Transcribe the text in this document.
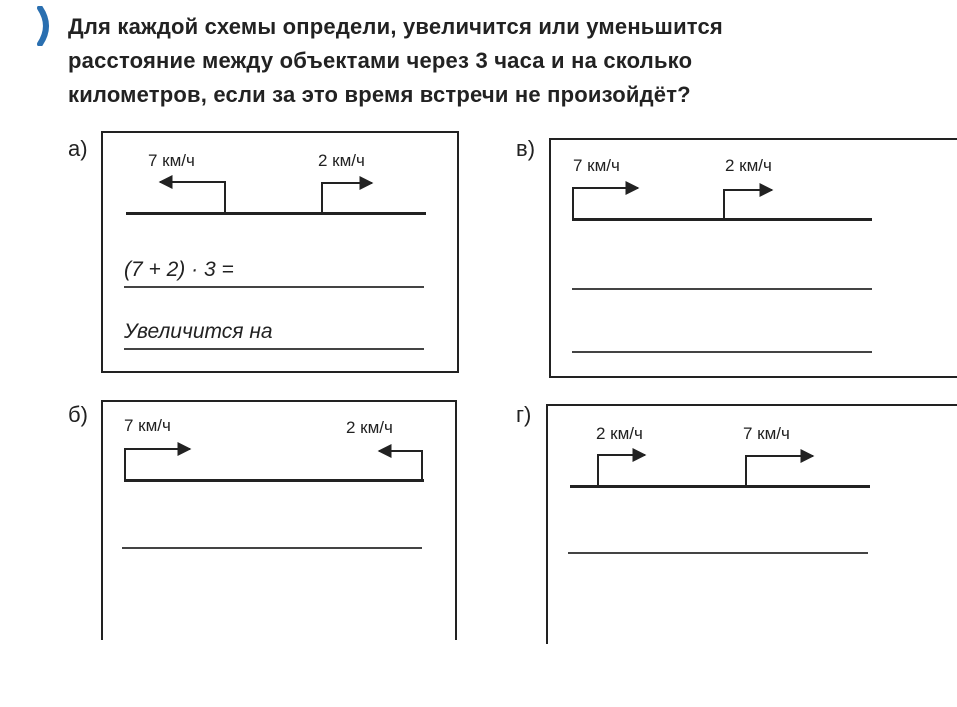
Для каждой схемы определи, увеличится или уменьшится
расстояние между объектами через 3 часа и на сколько
километров, если за это время встречи не произойдёт?
а)	7 км/ч	2 км/ч
(7 + 2) · 3 =
Увеличится на
б) 7 км/ч	2 км/ч
в)
7 км/ч	2 км/ч
г)
2 км/ч	7 км/ч
